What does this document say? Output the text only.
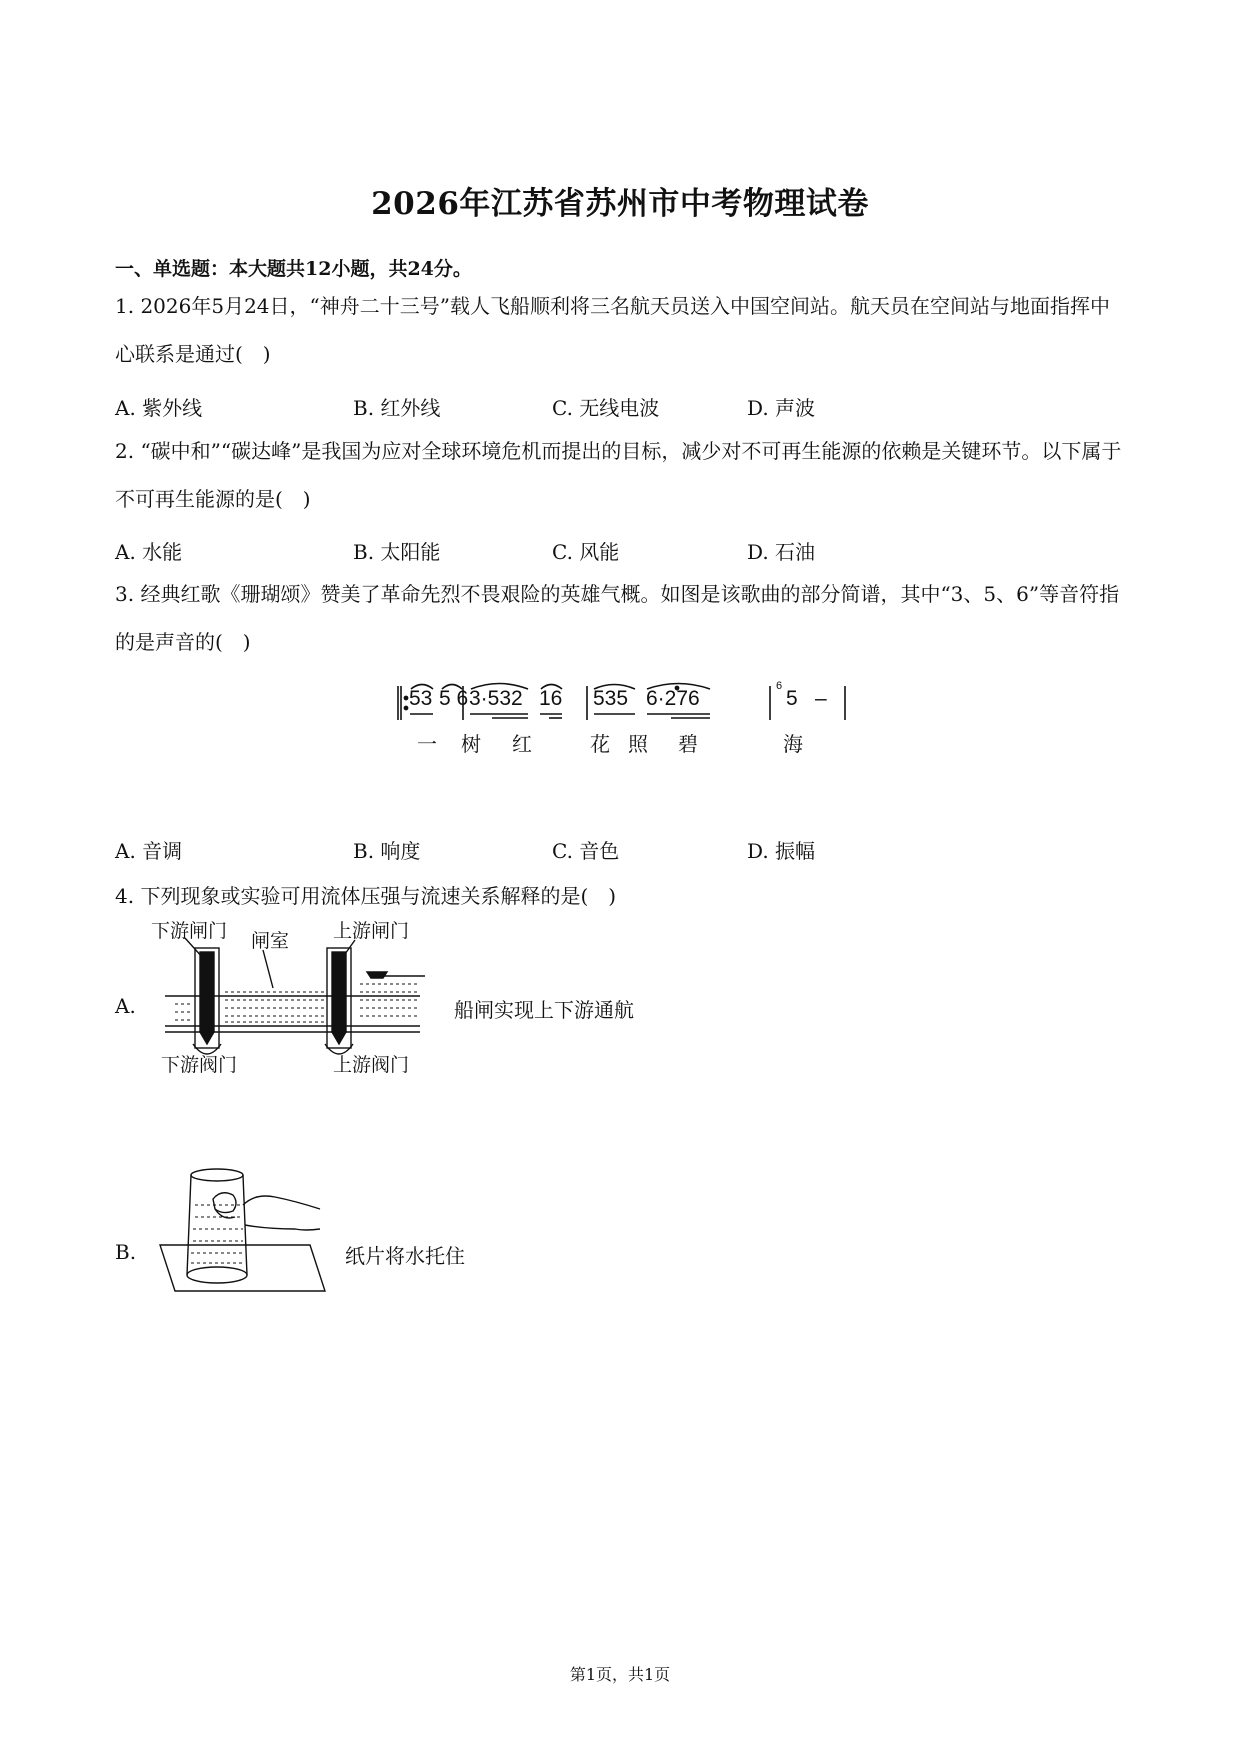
2026年江苏省苏州市中考物理试卷
一、单选题：本大题共12小题，共24分。
1. 2026年5月24日，“神舟二十三号”载人飞船顺利将三名航天员送入中国空间站。航天员在空间站与地面指挥中心联系是通过(　)
A. 紫外线	B. 红外线	C. 无线电波	D. 声波
2. “碳中和”“碳达峰”是我国为应对全球环境危机而提出的目标，减少对不可再生能源的依赖是关键环节。以下属于不可再生能源的是(　)
A. 水能	B. 太阳能	C. 风能	D. 石油
3. 经典红歌《珊瑚颂》赞美了革命先烈不畏艰险的英雄气概。如图是该歌曲的部分简谱，其中“3、5、6”等音符指的是声音的(　)
53 5 6 3·532 16 535 6·276
6
5 –
一 树 红	花 照 碧	海
A. 音调	B. 响度	C. 音色	D. 振幅
4. 下列现象或实验可用流体压强与流速关系解释的是(　)
A.
下游闸门 闸室 上游闸门
下游阀门	上游阀门
船闸实现上下游通航
B.	纸片将水托住
第1页，共1页
